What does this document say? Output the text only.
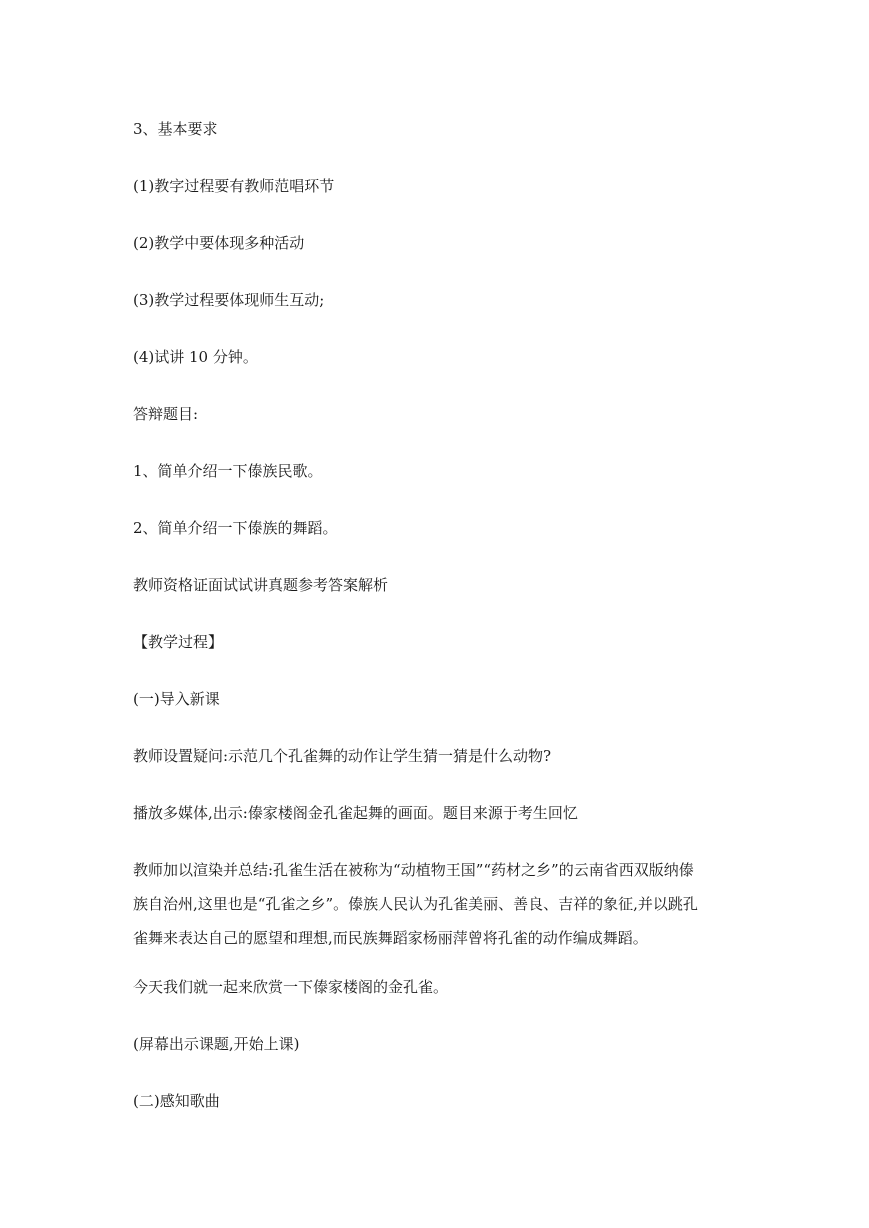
3、基本要求

(1)教字过程要有教师范唱环节

(2)教学中要体现多种活动

(3)教学过程要体现师生互动;

(4)试讲 10 分钟。

答辩题目:

1、简单介绍一下傣族民歌。

2、简单介绍一下傣族的舞蹈。

教师资格证面试试讲真题参考答案解析

【教学过程】

(一)导入新课

教师设置疑问:示范几个孔雀舞的动作让学生猜一猜是什么动物?

播放多媒体,出示:傣家楼阁金孔雀起舞的画面。题目来源于考生回忆

教师加以渲染并总结:孔雀生活在被称为“动植物王国”“药材之乡”的云南省西双版纳傣
族自治州,这里也是“孔雀之乡”。傣族人民认为孔雀美丽、善良、吉祥的象征,并以跳孔
雀舞来表达自己的愿望和理想,而民族舞蹈家杨丽萍曾将孔雀的动作编成舞蹈。

今天我们就一起来欣赏一下傣家楼阁的金孔雀。

(屏幕出示课题,开始上课)

(二)感知歌曲
